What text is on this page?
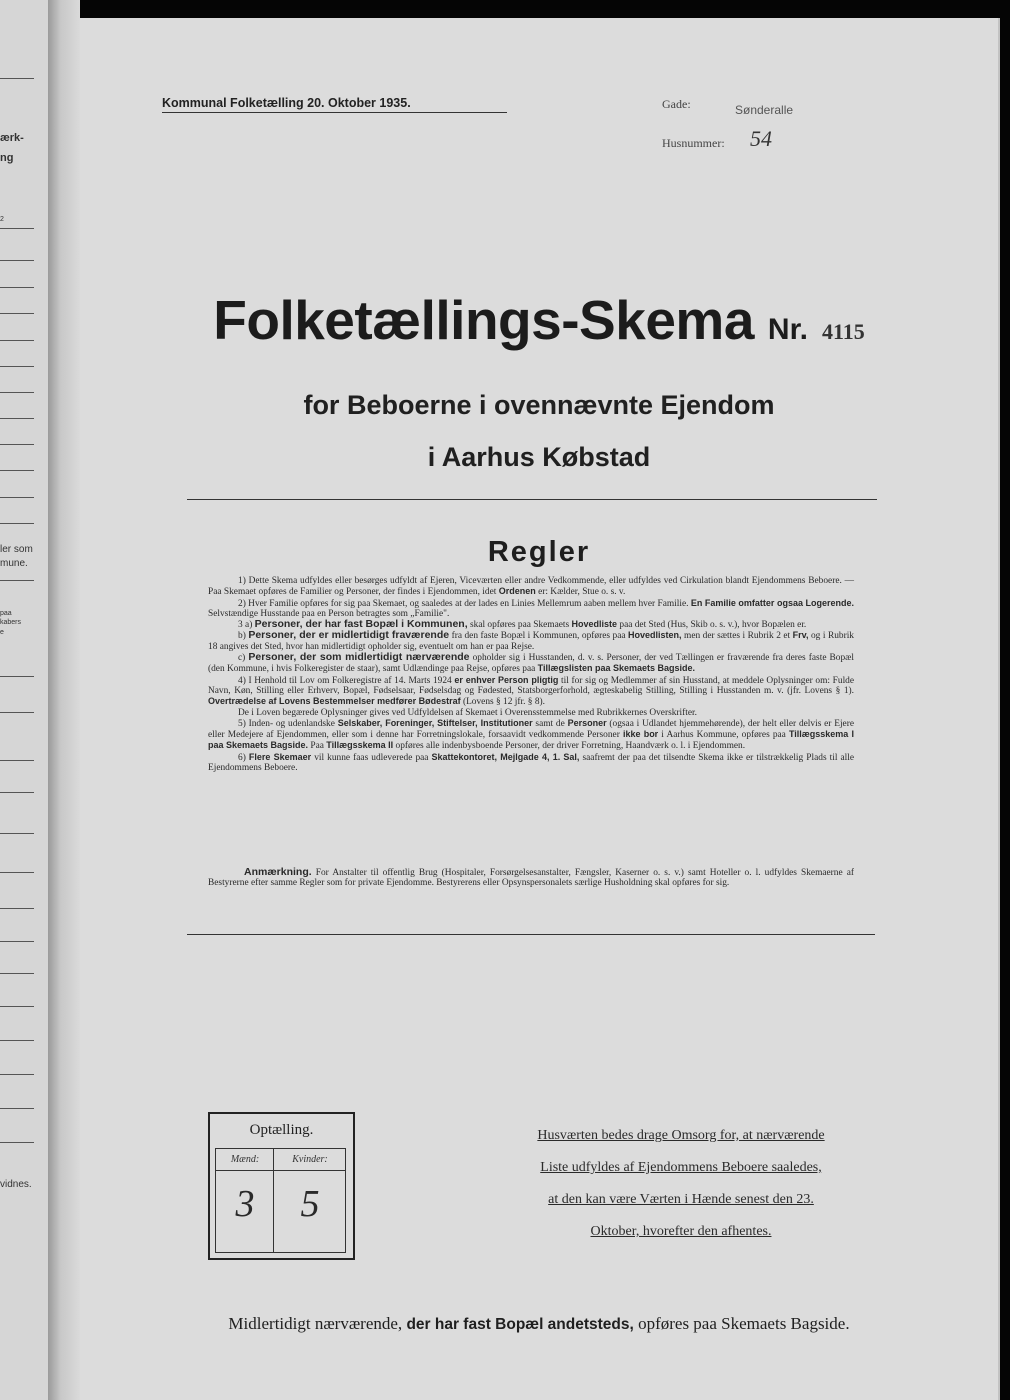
ærk-
ng
2
ler som
mune.
paa
kabers
e
vidnes.
Kommunal Folketælling 20. Oktober 1935.	Gade:	Sønderalle
Husnummer: 54
Folketællings-Skema Nr. 4115
for Beboerne i ovennævnte Ejendom
i Aarhus Købstad
Regler

1) Dette Skema udfyldes eller besørges udfyldt af Ejeren, Viceværten eller andre Vedkommende, eller udfyldes ved Cirkulation blandt Ejendommens Beboere. — Paa Skemaet opføres de Familier og Personer, der findes i Ejendommen, idet Ordenen er: Kælder, Stue o. s. v.

2) Hver Familie opføres for sig paa Skemaet, og saaledes at der lades en Linies Mellemrum aaben mellem hver Familie. En Familie omfatter ogsaa Logerende. Selvstændige Husstande paa en Person betragtes som „Familie".

3 a) Personer, der har fast Bopæl i Kommunen, skal opføres paa Skemaets Hovedliste paa det Sted (Hus, Skib o. s. v.), hvor Bopælen er.

b) Personer, der er midlertidigt fraværende fra den faste Bopæl i Kommunen, opføres paa Hovedlisten, men der sættes i Rubrik 2 et Frv, og i Rubrik 18 angives det Sted, hvor han midlertidigt opholder sig, eventuelt om han er paa Rejse.

c) Personer, der som midlertidigt nærværende opholder sig i Husstanden, d. v. s. Personer, der ved Tællingen er fraværende fra deres faste Bopæl (den Kommune, i hvis Folkeregister de staar), samt Udlændinge paa Rejse, opføres paa Tillægslisten paa Skemaets Bagside.

4) I Henhold til Lov om Folkeregistre af 14. Marts 1924 er enhver Person pligtig til for sig og Medlemmer af sin Husstand, at meddele Oplysninger om: Fulde Navn, Køn, Stilling eller Erhverv, Bopæl, Fødselsaar, Fødselsdag og Fødested, Statsborgerforhold, ægteskabelig Stilling, Stilling i Husstanden m. v. (jfr. Lovens § 1). Overtrædelse af Lovens Bestemmelser medfører Bødestraf (Lovens § 12 jfr. § 8).

De i Loven begærede Oplysninger gives ved Udfyldelsen af Skemaet i Overensstemmelse med Rubrikkernes Overskrifter.

5) Inden- og udenlandske Selskaber, Foreninger, Stiftelser, Institutioner samt de Personer (ogsaa i Udlandet hjemmehørende), der helt eller delvis er Ejere eller Medejere af Ejendommen, eller som i denne har Forretningslokale, forsaavidt vedkommende Personer ikke bor i Aarhus Kommune, opføres paa Tillægsskema I paa Skemaets Bagside. Paa Tillægsskema II opføres alle indenbysboende Personer, der driver Forretning, Haandværk o. l. i Ejendommen.

6) Flere Skemaer vil kunne faas udleverede paa Skattekontoret, Mejlgade 4, 1. Sal, saafremt der paa det tilsendte Skema ikke er tilstrækkelig Plads til alle Ejendommens Beboere.

Anmærkning. For Anstalter til offentlig Brug (Hospitaler, Forsørgelsesanstalter, Fængsler, Kaserner o. s. v.) samt Hoteller o. l. udfyldes Skemaerne af Bestyrerne efter samme Regler som for private Ejendomme. Bestyrerens eller Opsynspersonalets særlige Husholdning skal opføres for sig.
Optælling.
Mænd:	Kvinder:
3	5
Husværten bedes drage Omsorg for, at nærværende
Liste udfyldes af Ejendommens Beboere saaledes,
at den kan være Værten i Hænde senest den 23.
Oktober, hvorefter den afhentes.
Midlertidigt nærværende, der har fast Bopæl andetsteds, opføres paa Skemaets Bagside.
